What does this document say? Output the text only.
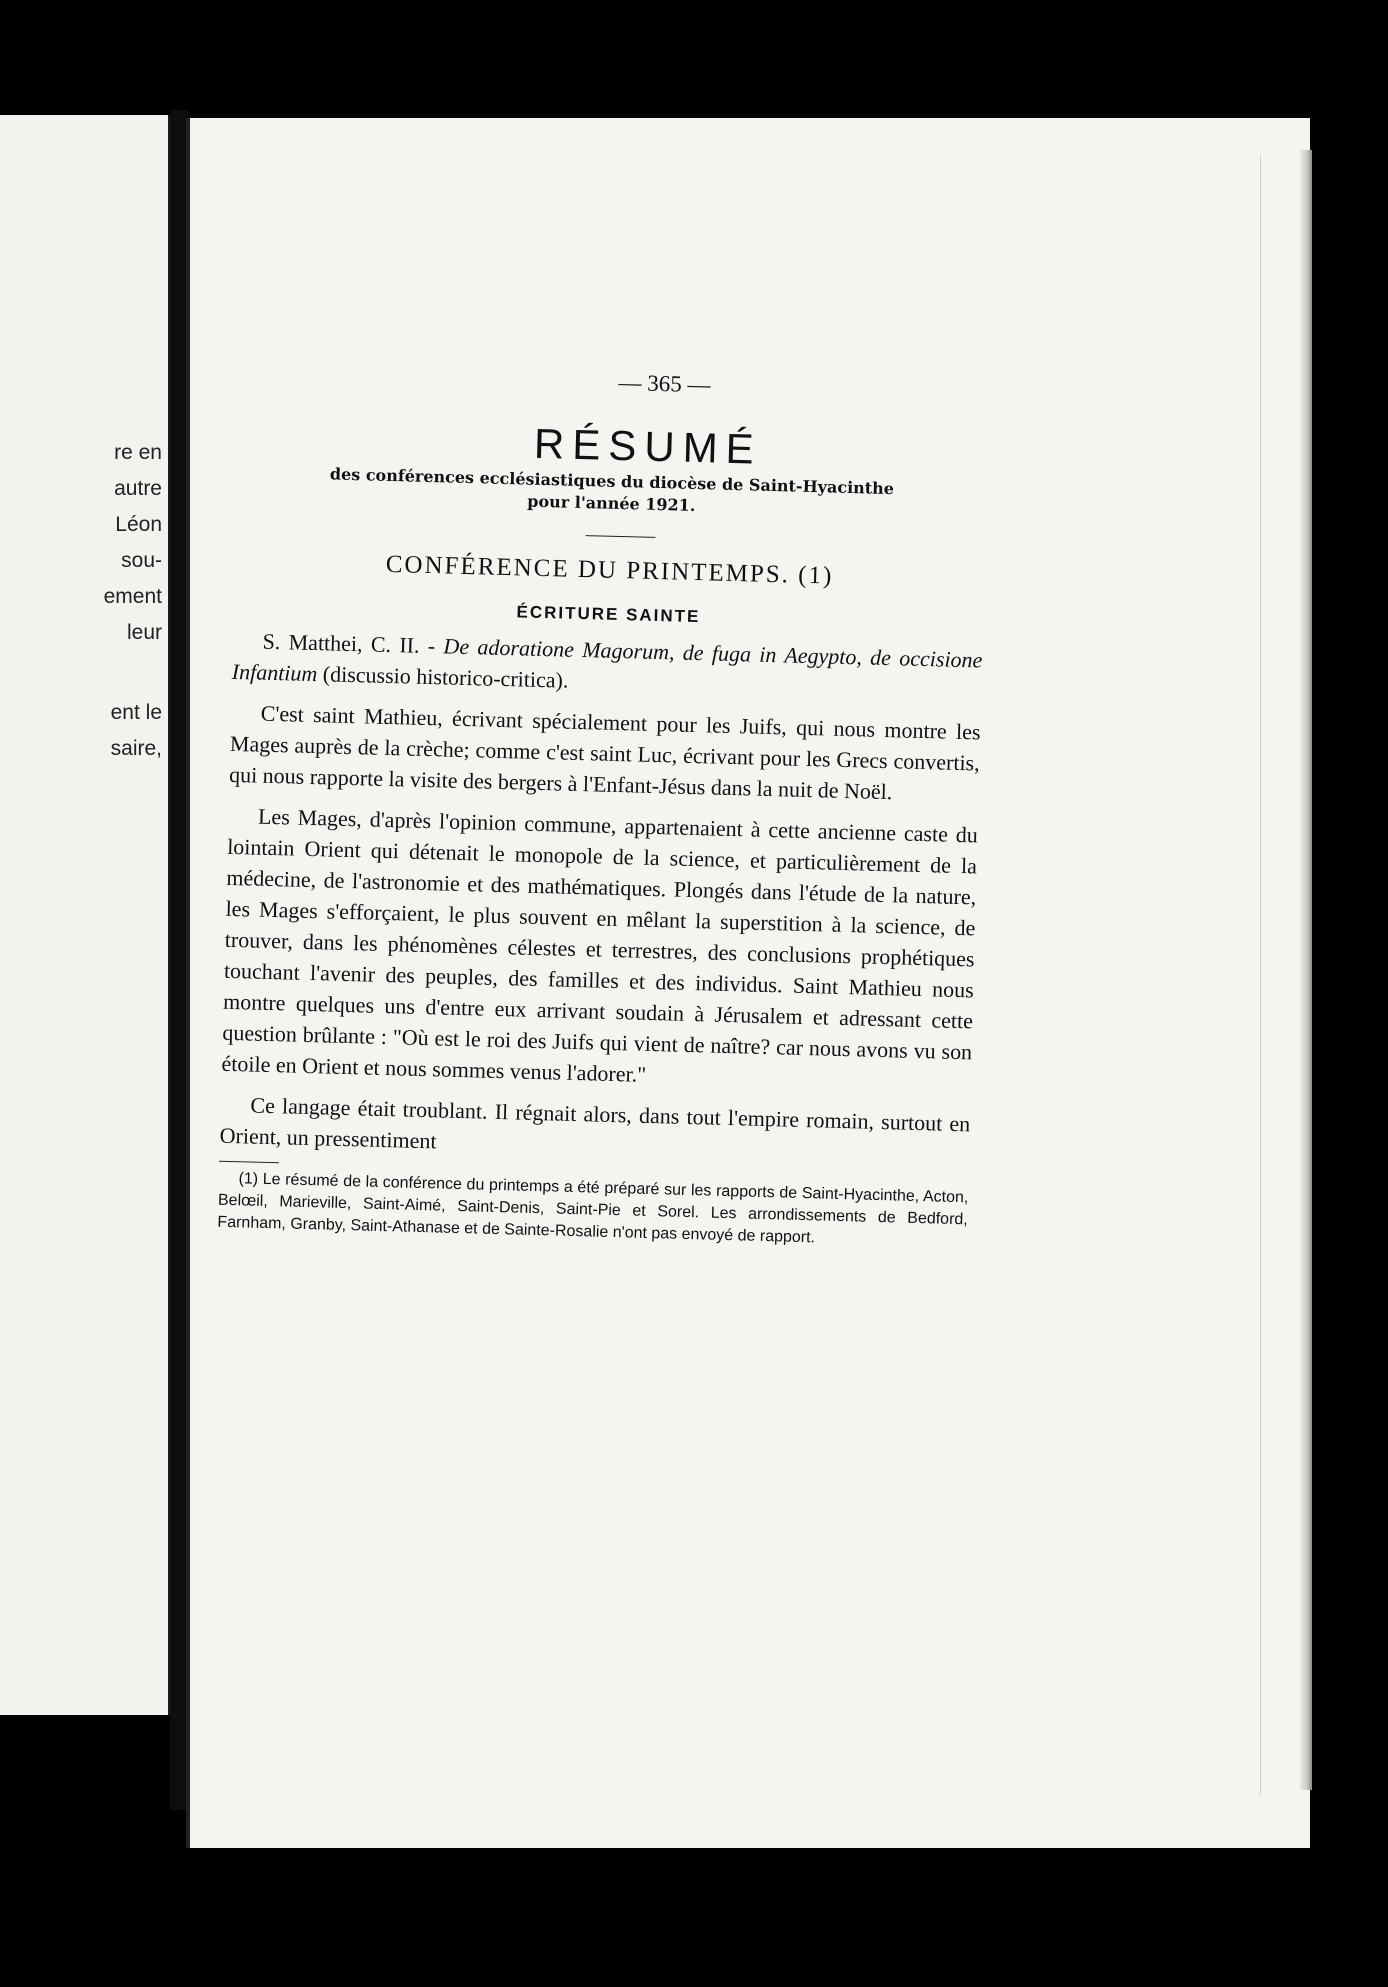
re en
autre
Léon
sou-
ement
leur
ent le
saire,
— 365 —
RÉSUMÉ
des conférences ecclésiastiques du diocèse de Saint-Hyacinthe
pour l'année 1921.
CONFÉRENCE DU PRINTEMPS. (1)
ÉCRITURE SAINTE

S. Matthei, C. II. - De adoratione Magorum, de fuga in Aegypto, de occisione Infantium (discussio historico-critica).

C'est saint Mathieu, écrivant spécialement pour les Juifs, qui nous montre les Mages auprès de la crèche; comme c'est saint Luc, écrivant pour les Grecs convertis, qui nous rapporte la visite des bergers à l'Enfant-Jésus dans la nuit de Noël.

Les Mages, d'après l'opinion commune, appartenaient à cette ancienne caste du lointain Orient qui détenait le monopole de la science, et particulièrement de la médecine, de l'astronomie et des mathématiques. Plongés dans l'étude de la nature, les Mages s'efforçaient, le plus souvent en mêlant la superstition à la science, de trouver, dans les phénomènes célestes et terrestres, des conclusions prophétiques touchant l'avenir des peuples, des familles et des individus. Saint Mathieu nous montre quelques uns d'entre eux arrivant soudain à Jérusalem et adressant cette question brûlante : "Où est le roi des Juifs qui vient de naître? car nous avons vu son étoile en Orient et nous sommes venus l'adorer."

Ce langage était troublant. Il régnait alors, dans tout l'empire romain, surtout en Orient, un pressentiment

(1) Le résumé de la conférence du printemps a été préparé sur les rapports de Saint-Hyacinthe, Acton, Belœil, Marieville, Saint-Aimé, Saint-Denis, Saint-Pie et Sorel. Les arrondissements de Bedford, Farnham, Granby, Saint-Athanase et de Sainte-Rosalie n'ont pas envoyé de rapport.
